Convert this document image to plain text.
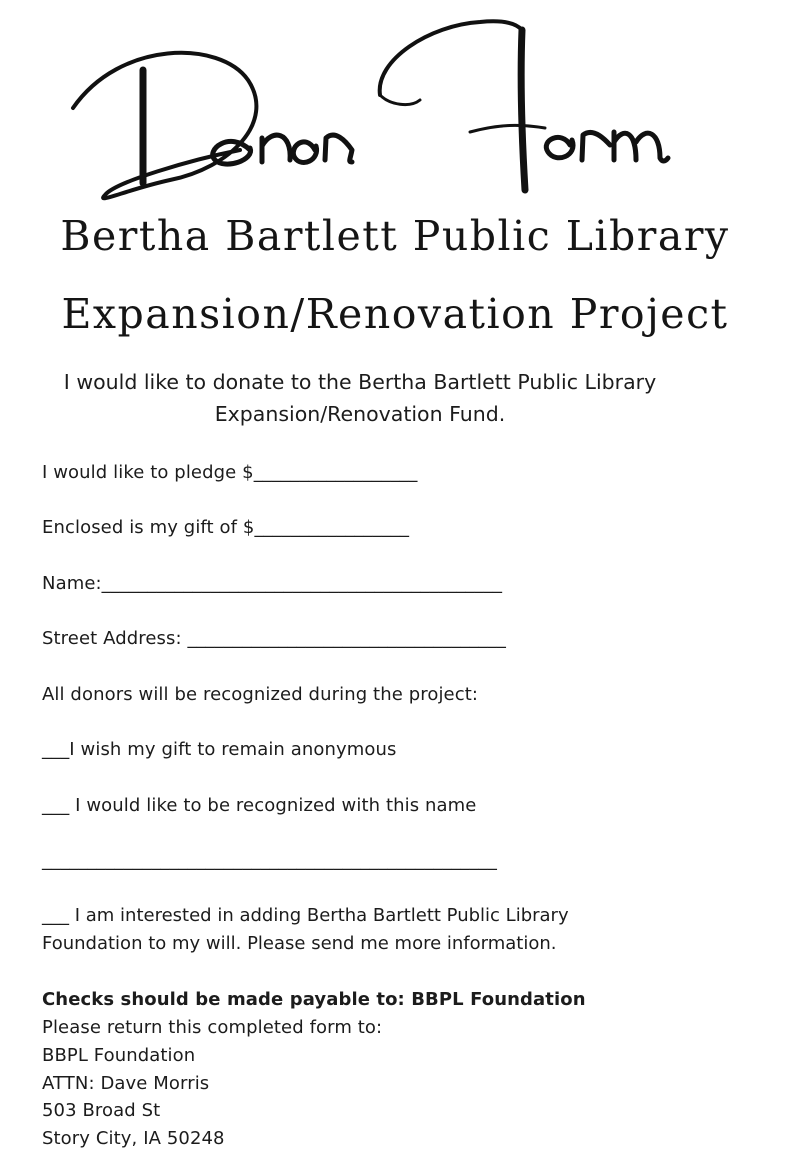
Bertha Bartlett Public Library
Expansion/Renovation Project
I would like to donate to the Bertha Bartlett Public Library Expansion/Renovation Fund.
I would like to pledge $__________________
Enclosed is my gift of $_________________
Name:____________________________________________
Street Address: ___________________________________
All donors will be recognized during the project:
___I wish my gift to remain anonymous
___ I would like to be recognized with this name
__________________________________________________
___ I am interested in adding Bertha Bartlett Public Library Foundation to my will. Please send me more information.
Checks should be made payable to: BBPL Foundation
Please return this completed form to:
BBPL Foundation
ATTN: Dave Morris
503 Broad St
Story City, IA 50248
